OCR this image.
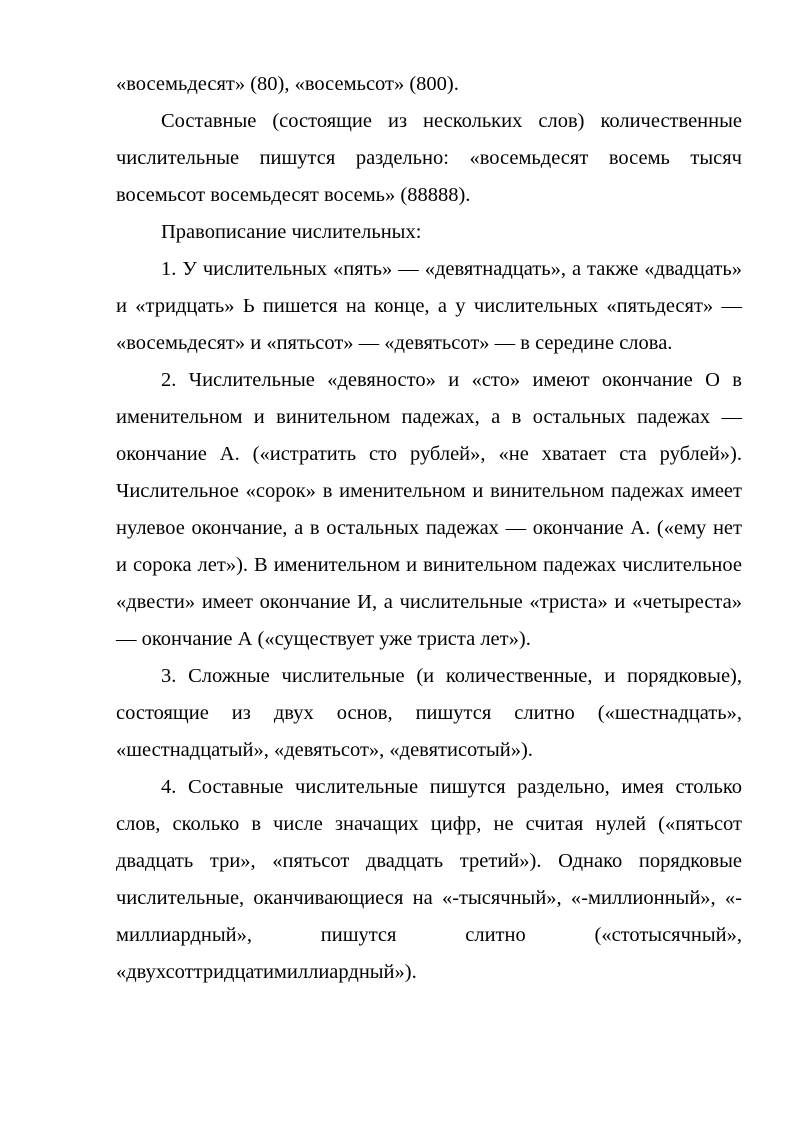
«восемьдесят» (80), «восемьсот» (800).

Составные (состоящие из нескольких слов) количественные числительные пишутся раздельно: «восемьдесят восемь тысяч восемьсот восемьдесят восемь» (88888).

Правописание числительных:

1. У числительных «пять» — «девятнадцать», а также «двадцать» и «тридцать» Ь пишется на конце, а у числительных «пятьдесят» — «восемьдесят» и «пятьсот» — «девятьсот» — в середине слова.

2. Числительные «девяносто» и «сто» имеют окончание О в именительном и винительном падежах, а в остальных падежах — окончание А. («истратить сто рублей», «не хватает ста рублей»). Числительное «сорок» в именительном и винительном падежах имеет нулевое окончание, а в остальных падежах — окончание А. («ему нет и сорока лет»). В именительном и винительном падежах числительное «двести» имеет окончание И, а числительные «триста» и «четыреста» — окончание А («существует уже триста лет»).

3. Сложные числительные (и количественные, и порядковые), состоящие из двух основ, пишутся слитно («шестнадцать», «шестнадцатый», «девятьсот», «девятисотый»).

4. Составные числительные пишутся раздельно, имея столько слов, сколько в числе значащих цифр, не считая нулей («пятьсот двадцать три», «пятьсот двадцать третий»). Однако порядковые числительные, оканчивающиеся на «-тысячный», «-миллионный», «-миллиардный», пишутся слитно («стотысячный», «двухсоттридцатимиллиардный»).
